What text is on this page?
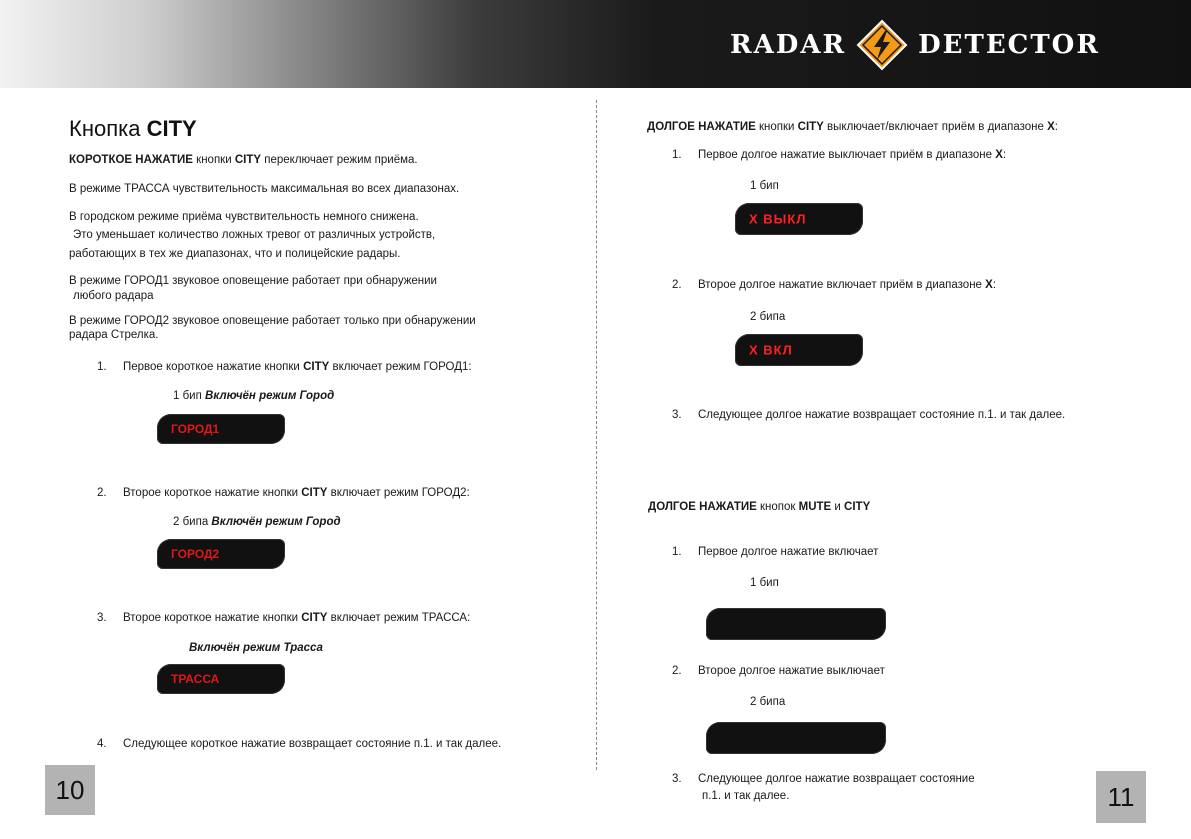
RADAR	DETECTOR
Кнопка CITY
КОРОТКОЕ НАЖАТИЕ кнопки CITY переключает режим приёма.
В режиме ТРАССА чувствительность максимальная во всех диапазонах.
В городском режиме приёма чувствительность немного снижена.
Это уменьшает количество ложных тревог от различных устройств,
работающих в тех же диапазонах, что и полицейские радары.
В режиме ГОРОД1 звуковое оповещение работает при обнаружении
любого радара
В режиме ГОРОД2 звуковое оповещение работает только при обнаружении
радара Стрелка.
1. Первое короткое нажатие кнопки CITY включает режим ГОРОД1:
1 бип Включён режим Город
ГОРОД1
2. Второе короткое нажатие кнопки CITY включает режим ГОРОД2:
2 бипа Включён режим Город
ГОРОД2
3. Второе короткое нажатие кнопки CITY включает режим ТРАССА:
Включён режим Трасса
ТРАССА
4. Следующее короткое нажатие возвращает состояние п.1. и так далее.
10
ДОЛГОЕ НАЖАТИЕ кнопки CITY выключает/включает приём в диапазоне X:
1. Первое долгое нажатие выключает приём в диапазоне X:
1 бип
X ВЫКЛ
2. Второе долгое нажатие включает приём в диапазоне X:
2 бипа
X ВКЛ
3. Следующее долгое нажатие возвращает состояние п.1. и так далее.
ДОЛГОЕ НАЖАТИЕ кнопок MUTE и CITY
1. Первое долгое нажатие включает
1 бип
2. Второе долгое нажатие выключает
2 бипа
3. Следующее долгое нажатие возвращает состояние
п.1. и так далее.	11
